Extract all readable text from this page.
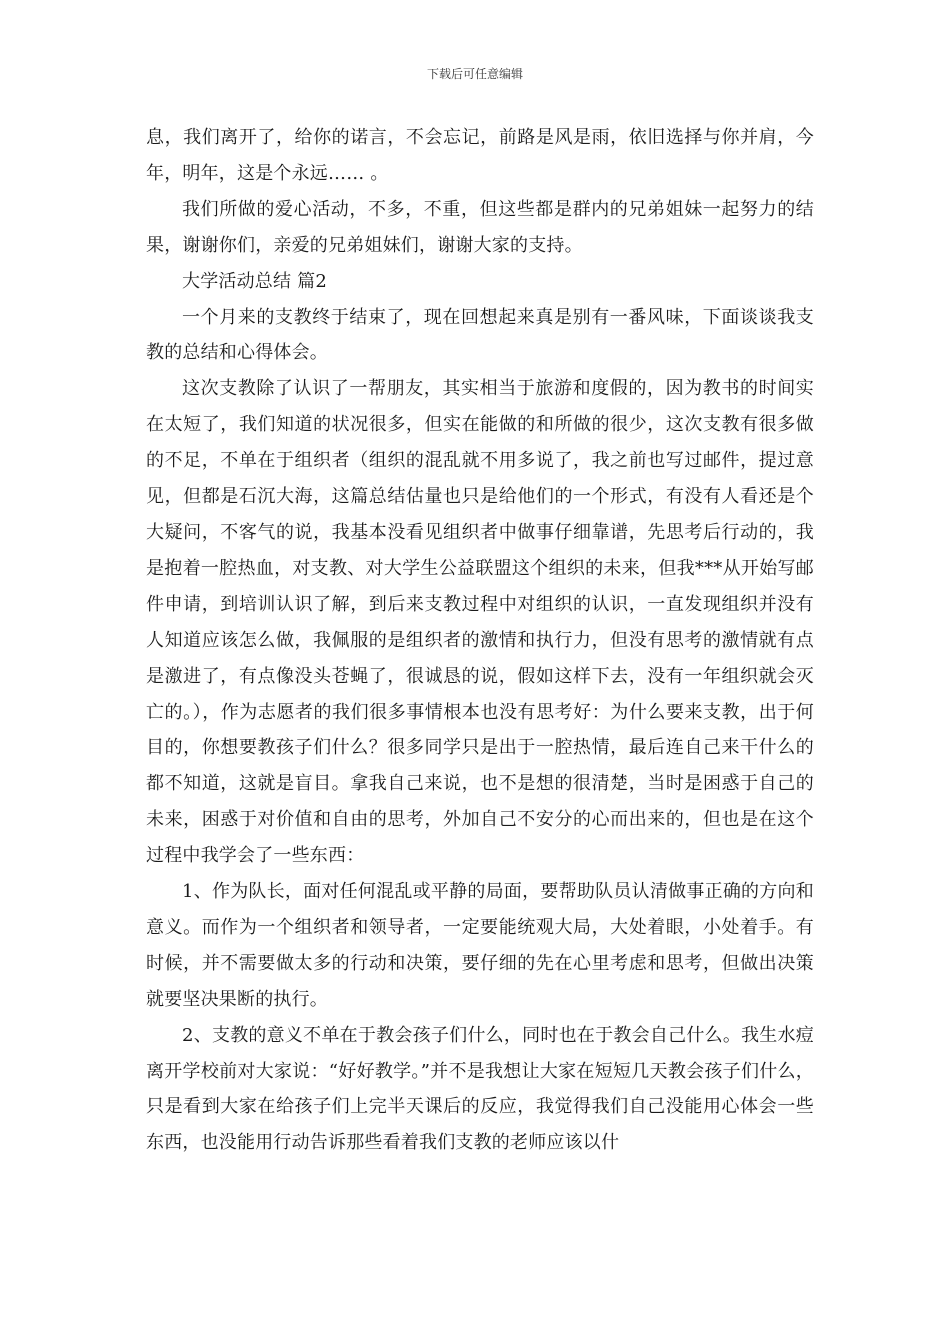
下载后可任意编辑

息，我们离开了，给你的诺言，不会忘记，前路是风是雨，依旧选择与你并肩，今年，明年，这是个永远…… 。

我们所做的爱心活动，不多，不重，但这些都是群内的兄弟姐妹一起努力的结果，谢谢你们，亲爱的兄弟姐妹们，谢谢大家的支持。

大学活动总结 篇2

一个月来的支教终于结束了，现在回想起来真是别有一番风味，下面谈谈我支教的总结和心得体会。

这次支教除了认识了一帮朋友，其实相当于旅游和度假的，因为教书的时间实在太短了，我们知道的状况很多，但实在能做的和所做的很少，这次支教有很多做的不足，不单在于组织者（组织的混乱就不用多说了，我之前也写过邮件，提过意见，但都是石沉大海，这篇总结估量也只是给他们的一个形式，有没有人看还是个大疑问，不客气的说，我基本没看见组织者中做事仔细靠谱，先思考后行动的，我是抱着一腔热血，对支教、对大学生公益联盟这个组织的未来，但我***从开始写邮件申请，到培训认识了解，到后来支教过程中对组织的认识，一直发现组织并没有人知道应该怎么做，我佩服的是组织者的激情和执行力，但没有思考的激情就有点是激进了，有点像没头苍蝇了，很诚恳的说，假如这样下去，没有一年组织就会灭亡的。），作为志愿者的我们很多事情根本也没有思考好：为什么要来支教，出于何目的，你想要教孩子们什么？很多同学只是出于一腔热情，最后连自己来干什么的都不知道，这就是盲目。拿我自己来说，也不是想的很清楚，当时是困惑于自己的未来，困惑于对价值和自由的思考，外加自己不安分的心而出来的，但也是在这个过程中我学会了一些东西：

1、作为队长，面对任何混乱或平静的局面，要帮助队员认清做事正确的方向和意义。而作为一个组织者和领导者，一定要能统观大局，大处着眼，小处着手。有时候，并不需要做太多的行动和决策，要仔细的先在心里考虑和思考，但做出决策就要坚决果断的执行。

2、支教的意义不单在于教会孩子们什么，同时也在于教会自己什么。我生水痘离开学校前对大家说：“好好教学。”并不是我想让大家在短短几天教会孩子们什么，只是看到大家在给孩子们上完半天课后的反应，我觉得我们自己没能用心体会一些东西，也没能用行动告诉那些看着我们支教的老师应该以什
